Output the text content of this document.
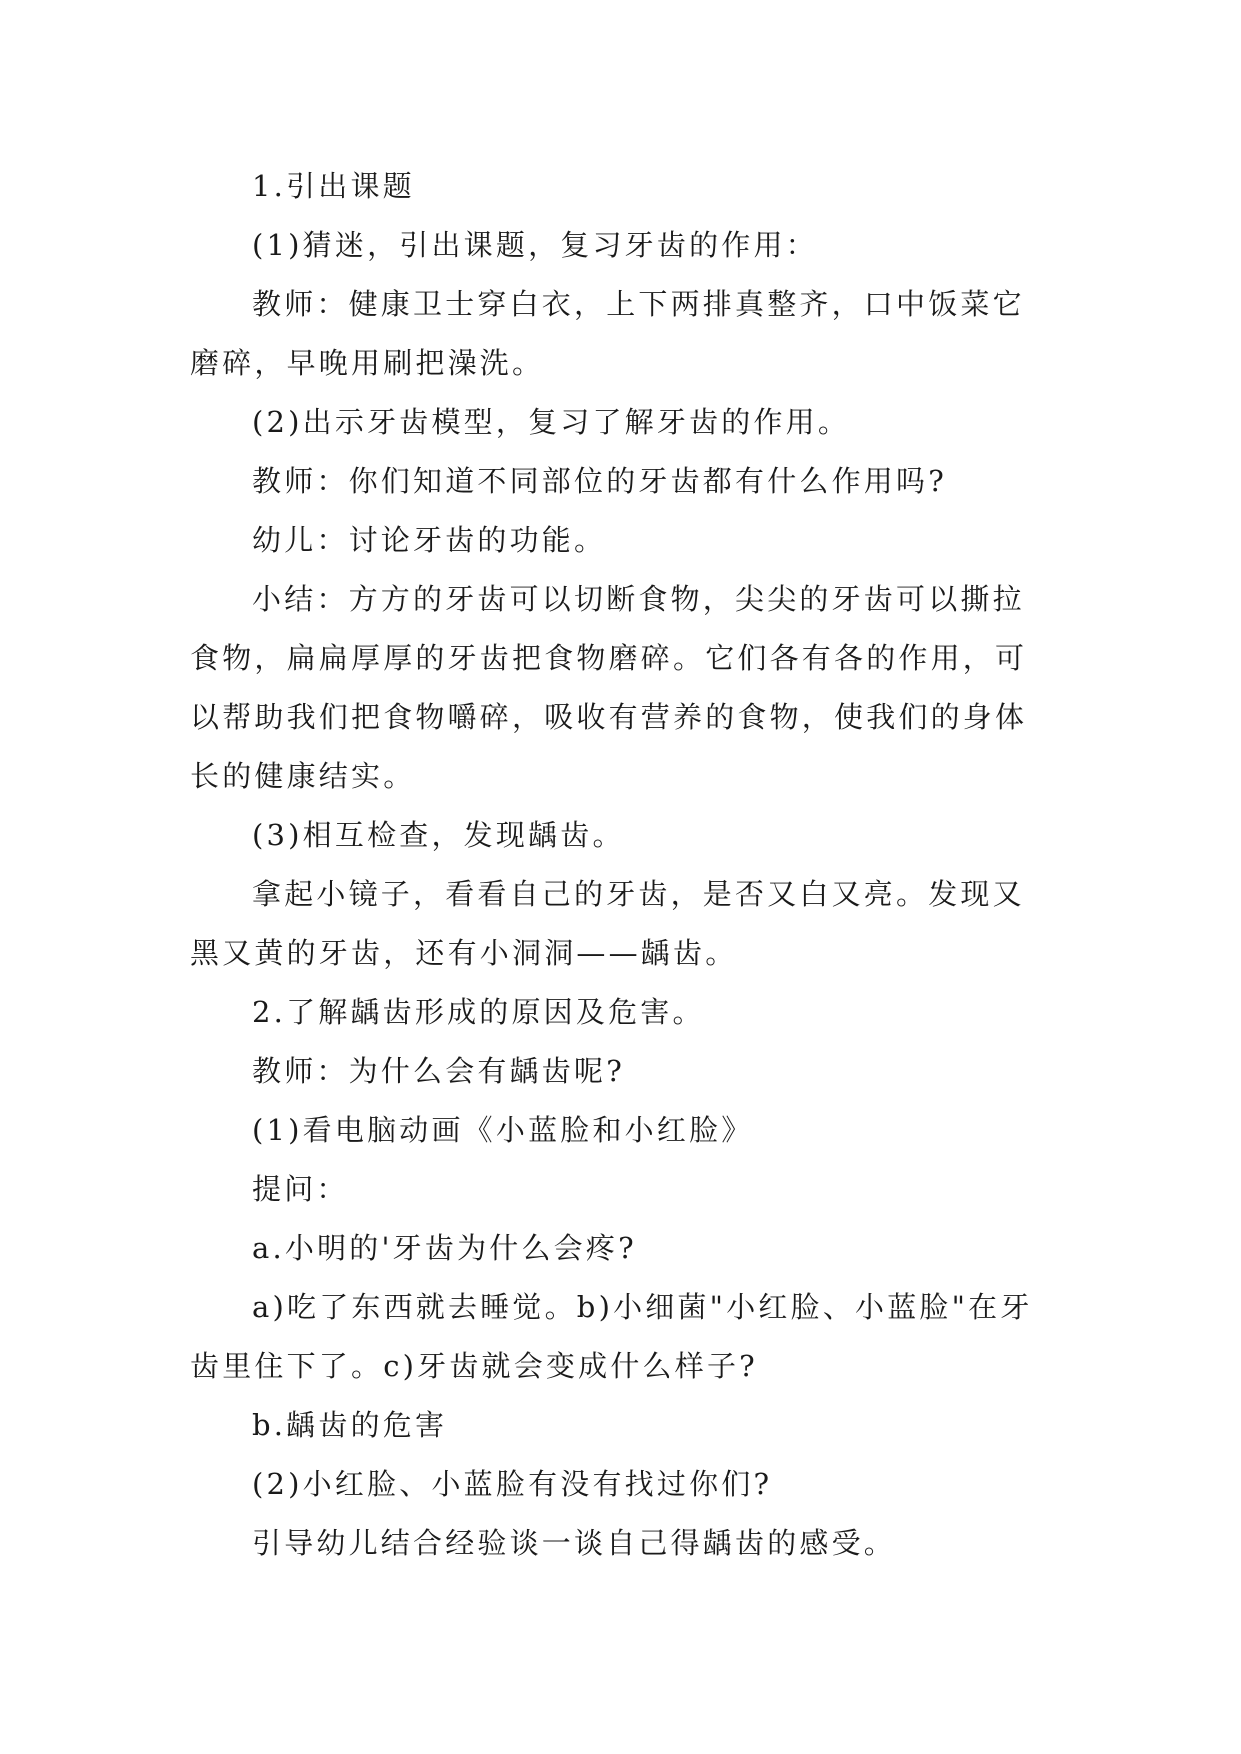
1.引出课题

(1)猜迷，引出课题，复习牙齿的作用：

教师：健康卫士穿白衣，上下两排真整齐，口中饭菜它磨碎，早晚用刷把澡洗。

(2)出示牙齿模型，复习了解牙齿的作用。

教师：你们知道不同部位的牙齿都有什么作用吗?

幼儿：讨论牙齿的功能。

小结：方方的牙齿可以切断食物，尖尖的牙齿可以撕拉食物，扁扁厚厚的牙齿把食物磨碎。它们各有各的作用，可以帮助我们把食物嚼碎，吸收有营养的食物，使我们的身体长的健康结实。

(3)相互检查，发现龋齿。

拿起小镜子，看看自己的牙齿，是否又白又亮。发现又黑又黄的牙齿，还有小洞洞——龋齿。

2.了解龋齿形成的原因及危害。

教师：为什么会有龋齿呢?

(1)看电脑动画《小蓝脸和小红脸》

提问：

a.小明的'牙齿为什么会疼?

a)吃了东西就去睡觉。b)小细菌"小红脸、小蓝脸"在牙齿里住下了。c)牙齿就会变成什么样子?

b.龋齿的危害

(2)小红脸、小蓝脸有没有找过你们?

引导幼儿结合经验谈一谈自己得龋齿的感受。
